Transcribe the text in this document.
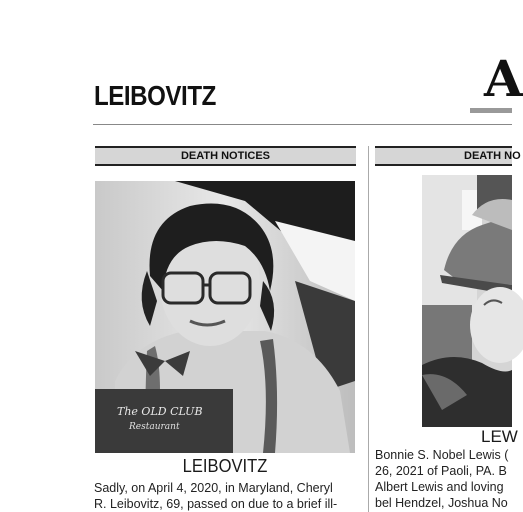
LEIBOVITZ	A
DEATH NOTICES	DEATH NO
The OLD CLUB
Restaurant
LEIBOVITZ
LEW
Sadly, on April 4, 2020, in Maryland, Cheryl
R. Leibovitz, 69, passed on due to a brief ill-
Bonnie S. Nobel Lewis (
26, 2021 of Paoli, PA. B
Albert Lewis and loving
bel Hendzel, Joshua No
